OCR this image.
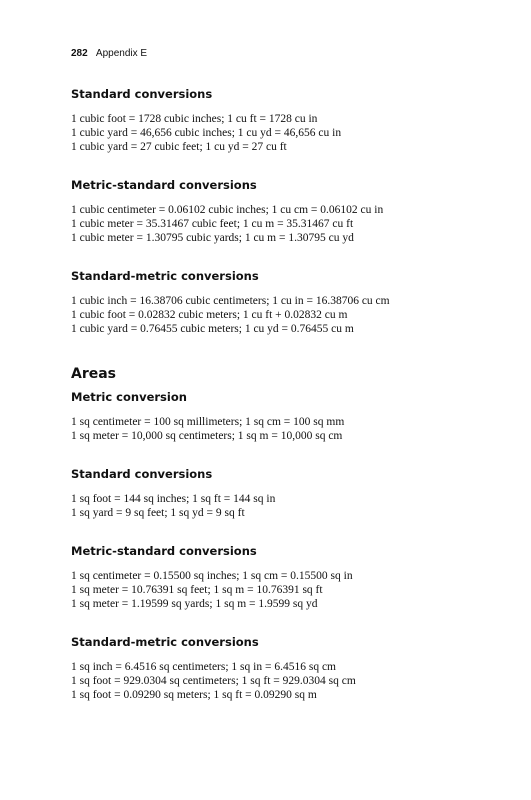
282 Appendix E
Standard conversions
1 cubic foot = 1728 cubic inches; 1 cu ft = 1728 cu in
1 cubic yard = 46,656 cubic inches; 1 cu yd = 46,656 cu in
1 cubic yard = 27 cubic feet; 1 cu yd = 27 cu ft
Metric-standard conversions
1 cubic centimeter = 0.06102 cubic inches; 1 cu cm = 0.06102 cu in
1 cubic meter = 35.31467 cubic feet; 1 cu m = 35.31467 cu ft
1 cubic meter = 1.30795 cubic yards; 1 cu m = 1.30795 cu yd
Standard-metric conversions
1 cubic inch = 16.38706 cubic centimeters; 1 cu in = 16.38706 cu cm
1 cubic foot = 0.02832 cubic meters; 1 cu ft + 0.02832 cu m
1 cubic yard = 0.76455 cubic meters; 1 cu yd = 0.76455 cu m
Areas
Metric conversion
1 sq centimeter = 100 sq millimeters; 1 sq cm = 100 sq mm
1 sq meter = 10,000 sq centimeters; 1 sq m = 10,000 sq cm
Standard conversions
1 sq foot = 144 sq inches; 1 sq ft = 144 sq in
1 sq yard = 9 sq feet; 1 sq yd = 9 sq ft
Metric-standard conversions
1 sq centimeter = 0.15500 sq inches; 1 sq cm = 0.15500 sq in
1 sq meter = 10.76391 sq feet; 1 sq m = 10.76391 sq ft
1 sq meter = 1.19599 sq yards; 1 sq m = 1.9599 sq yd
Standard-metric conversions
1 sq inch = 6.4516 sq centimeters; 1 sq in = 6.4516 sq cm
1 sq foot = 929.0304 sq centimeters; 1 sq ft = 929.0304 sq cm
1 sq foot = 0.09290 sq meters; 1 sq ft = 0.09290 sq m
